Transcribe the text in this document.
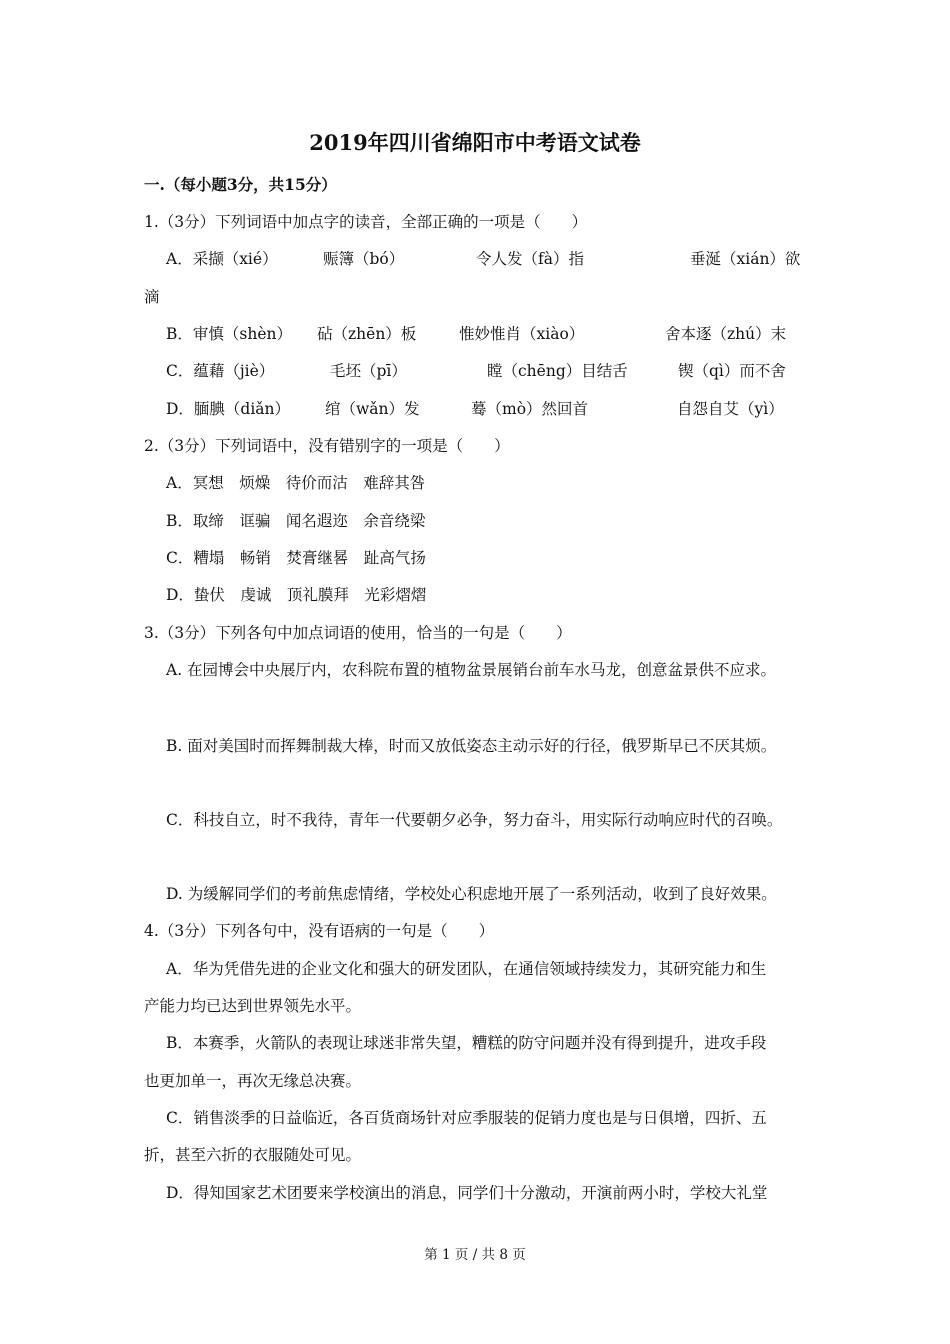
2019年四川省绵阳市中考语文试卷
一.（每小题3分，共15分）
1.（3分）下列词语中加点字的读音，全部正确的一项是（　　）
A．采撷（xié）	赈簿（bó）	令人发（fà）指	垂涎（xián）欲
滴
B．审慎（shèn） 砧（zhēn）板	惟妙惟肖（xiào）	舍本逐（zhú）末
C．蕴藉（jiè）	毛坯（pī）	瞠（chēng）目结舌	锲（qì）而不舍
D．腼腆（diǎn） 绾（wǎn）发	蓦（mò）然回首	自怨自艾（yì）
2.（3分）下列词语中，没有错别字的一项是（　　）
A．冥想　烦燥　待价而沽　难辞其咎
B．取缔　诓骗　闻名遐迩　余音绕梁
C．糟塌　畅销　焚膏继晷　趾高气扬
D．蛰伏　虔诚　顶礼膜拜　光彩熠熠
3.（3分）下列各句中加点词语的使用，恰当的一句是（　　）
A. 在园博会中央展厅内，农科院布置的植物盆景展销台前车水马龙，创意盆景供不应求。
B. 面对美国时而挥舞制裁大棒，时而又放低姿态主动示好的行径，俄罗斯早已不厌其烦。
C．科技自立，时不我待，青年一代要朝夕必争，努力奋斗，用实际行动响应时代的召唤。
D. 为缓解同学们的考前焦虑情绪，学校处心积虑地开展了一系列活动，收到了良好效果。
4.（3分）下列各句中，没有语病的一句是（　　）
A．华为凭借先进的企业文化和强大的研发团队，在通信领域持续发力，其研究能力和生
产能力均已达到世界领先水平。
B．本赛季，火箭队的表现让球迷非常失望，糟糕的防守问题并没有得到提升，进攻手段
也更加单一，再次无缘总决赛。
C．销售淡季的日益临近，各百货商场针对应季服装的促销力度也是与日俱增，四折、五
折，甚至六折的衣服随处可见。
D．得知国家艺术团要来学校演出的消息，同学们十分激动，开演前两小时，学校大礼堂
第 1 页 / 共 8 页
